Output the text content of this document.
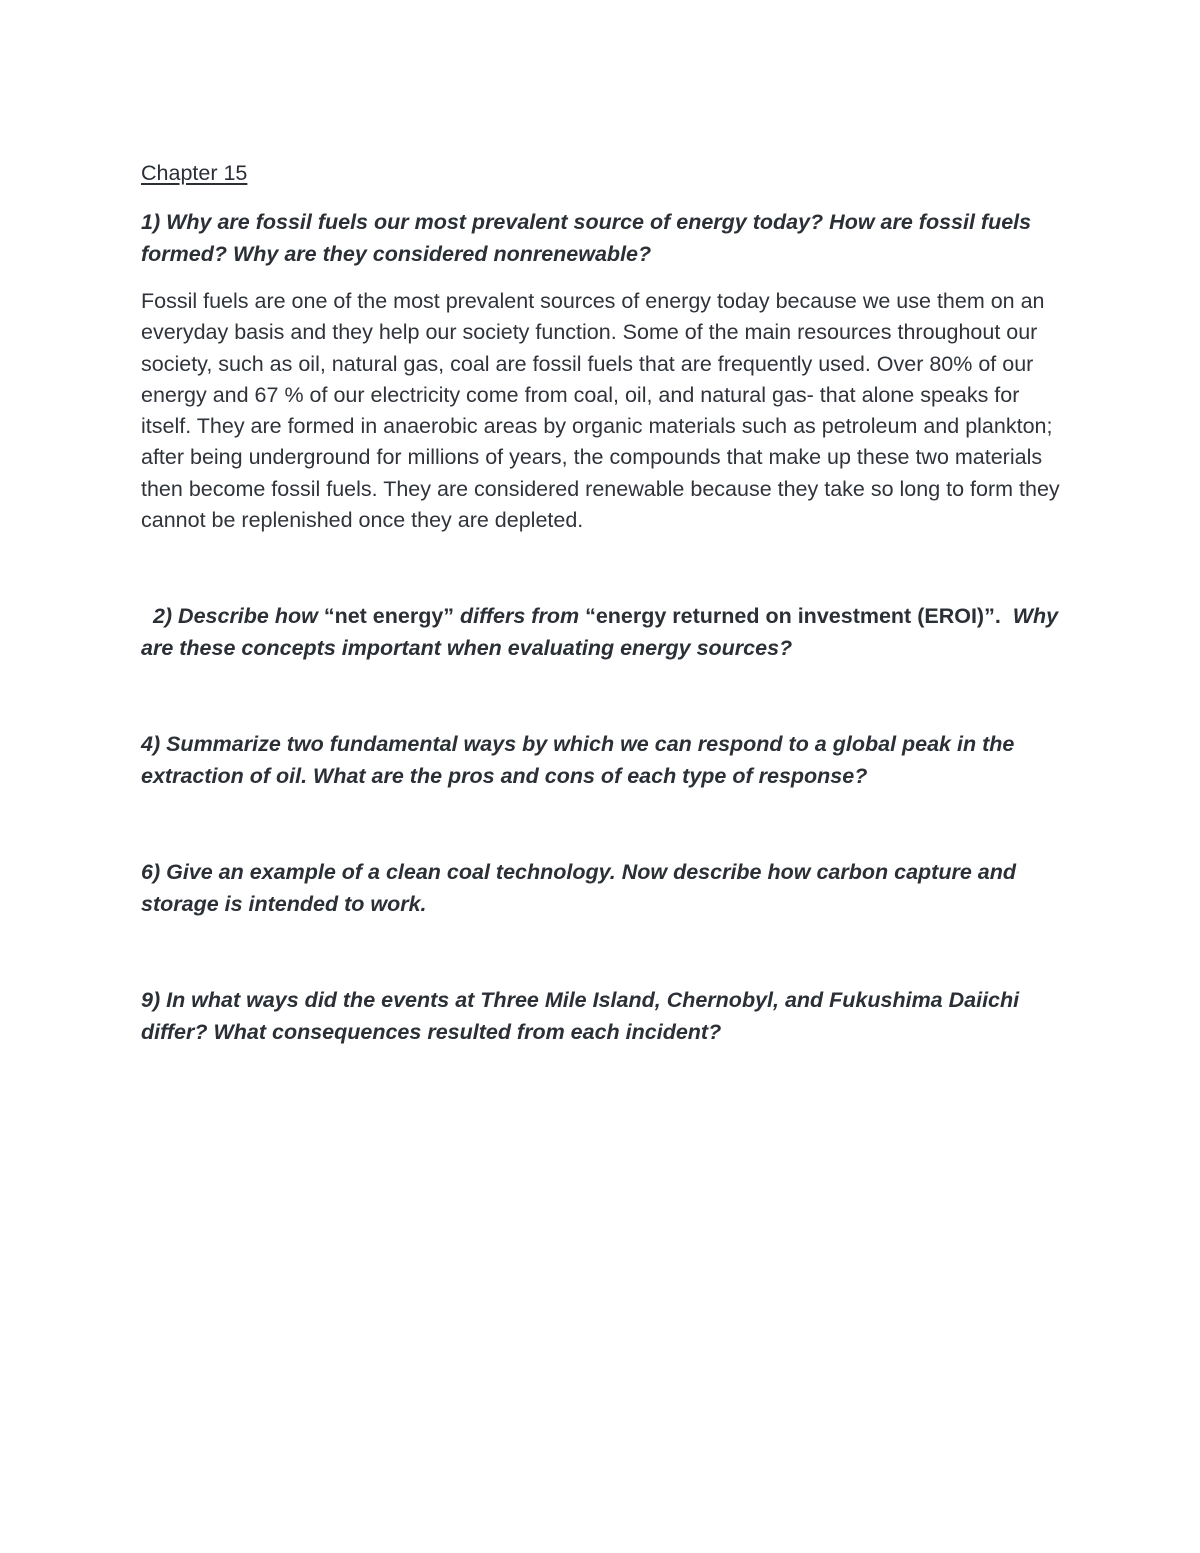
Chapter 15

1) Why are fossil fuels our most prevalent source of energy today? How are fossil fuels formed? Why are they considered nonrenewable?

Fossil fuels are one of the most prevalent sources of energy today because we use them on an everyday basis and they help our society function. Some of the main resources throughout our society, such as oil, natural gas, coal are fossil fuels that are frequently used. Over 80% of our energy and 67 % of our electricity come from coal, oil, and natural gas- that alone speaks for itself. They are formed in anaerobic areas by organic materials such as petroleum and plankton; after being underground for millions of years, the compounds that make up these two materials then become fossil fuels. They are considered renewable because they take so long to form they cannot be replenished once they are depleted.

2) Describe how “net energy” differs from “energy returned on investment (EROI)”.  Why are these concepts important when evaluating energy sources?

4) Summarize two fundamental ways by which we can respond to a global peak in the extraction of oil. What are the pros and cons of each type of response?

6) Give an example of a clean coal technology. Now describe how carbon capture and storage is intended to work.

9) In what ways did the events at Three Mile Island, Chernobyl, and Fukushima Daiichi differ? What consequences resulted from each incident?
